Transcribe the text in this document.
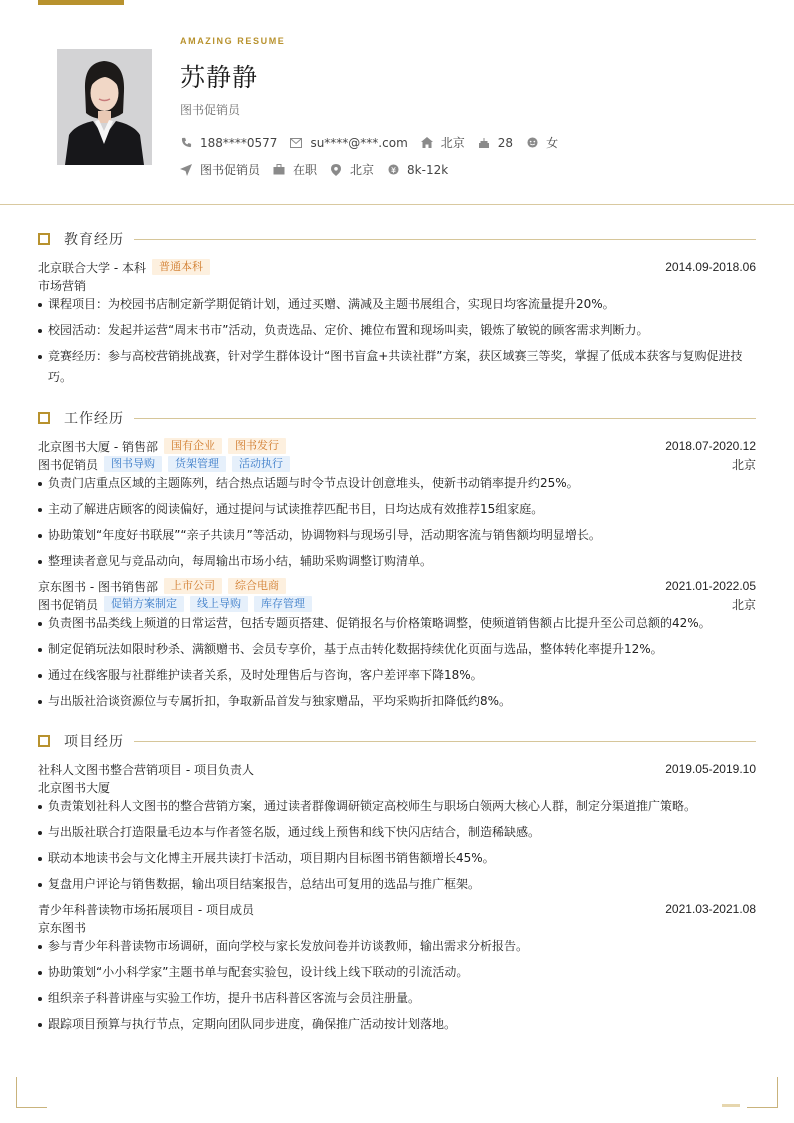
AMAZING RESUME
苏静静
图书促销员
188****0577	su****@***.com	北京	28	女
图书促销员	在职	北京	8k-12k
教育经历
北京联合大学 - 本科	普通本科	2014.09-2018.06
市场营销
课程项目：为校园书店制定新学期促销计划，通过买赠、满减及主题书展组合，实现日均客流量提升20%。
校园活动：发起并运营“周末书市”活动，负责选品、定价、摊位布置和现场叫卖，锻炼了敏锐的顾客需求判断力。
竞赛经历：参与高校营销挑战赛，针对学生群体设计“图书盲盒+共读社群”方案，获区域赛三等奖，掌握了低成本获客与复购促进技巧。
工作经历
北京图书大厦 - 销售部	国有企业	图书发行	2018.07-2020.12
图书促销员	图书导购	货架管理	活动执行	北京
负责门店重点区域的主题陈列，结合热点话题与时令节点设计创意堆头，使新书动销率提升约25%。
主动了解进店顾客的阅读偏好，通过提问与试读推荐匹配书目，日均达成有效推荐15组家庭。
协助策划“年度好书联展”“亲子共读月”等活动，协调物料与现场引导，活动期客流与销售额均明显增长。
整理读者意见与竞品动向，每周输出市场小结，辅助采购调整订购清单。
京东图书 - 图书销售部	上市公司	综合电商	2021.01-2022.05
图书促销员	促销方案制定	线上导购	库存管理	北京
负责图书品类线上频道的日常运营，包括专题页搭建、促销报名与价格策略调整，使频道销售额占比提升至公司总额的42%。
制定促销玩法如限时秒杀、满额赠书、会员专享价，基于点击转化数据持续优化页面与选品，整体转化率提升12%。
通过在线客服与社群维护读者关系，及时处理售后与咨询，客户差评率下降18%。
与出版社洽谈资源位与专属折扣，争取新品首发与独家赠品，平均采购折扣降低约8%。
项目经历
社科人文图书整合营销项目 - 项目负责人	2019.05-2019.10
北京图书大厦
负责策划社科人文图书的整合营销方案，通过读者群像调研锁定高校师生与职场白领两大核心人群，制定分渠道推广策略。
与出版社联合打造限量毛边本与作者签名版，通过线上预售和线下快闪店结合，制造稀缺感。
联动本地读书会与文化博主开展共读打卡活动，项目期内目标图书销售额增长45%。
复盘用户评论与销售数据，输出项目结案报告，总结出可复用的选品与推广框架。
青少年科普读物市场拓展项目 - 项目成员	2021.03-2021.08
京东图书
参与青少年科普读物市场调研，面向学校与家长发放问卷并访谈教师，输出需求分析报告。
协助策划“小小科学家”主题书单与配套实验包，设计线上线下联动的引流活动。
组织亲子科普讲座与实验工作坊，提升书店科普区客流与会员注册量。
跟踪项目预算与执行节点，定期向团队同步进度，确保推广活动按计划落地。
